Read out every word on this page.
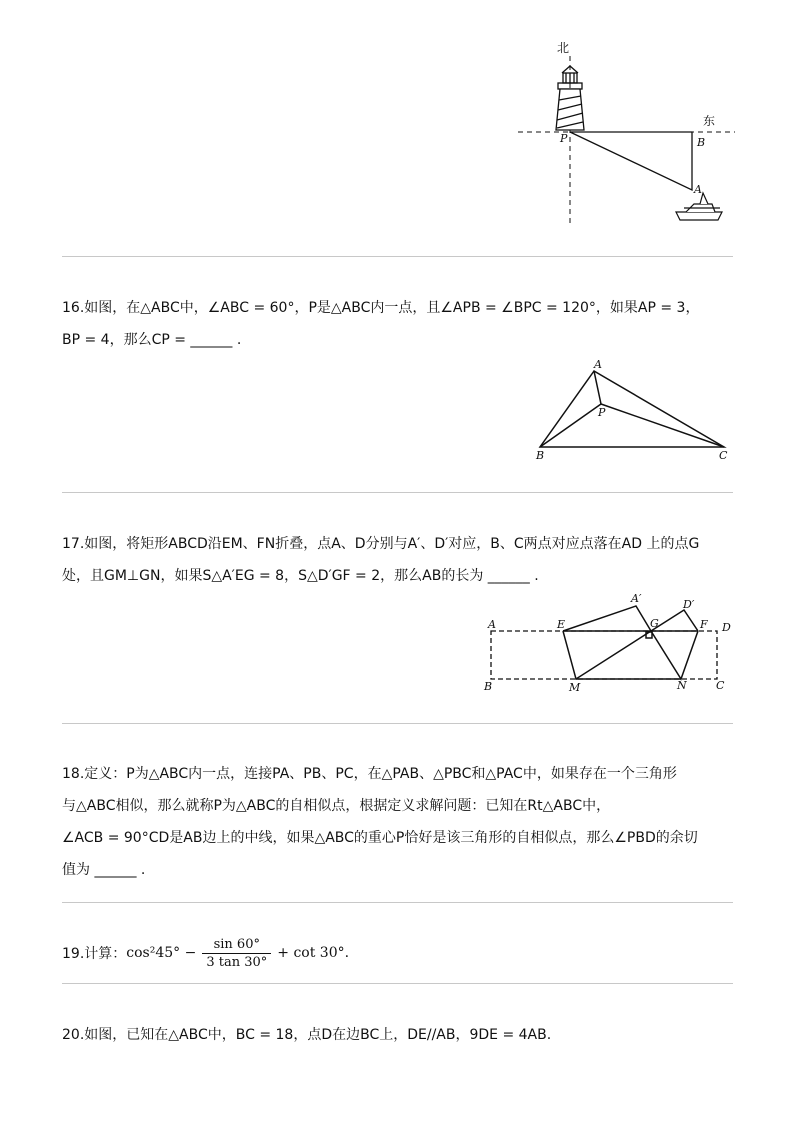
北
东
P	B
A
16.如图，在△ABC中，∠ABC = 60°，P是△ABC内一点，且∠APB = ∠BPC = 120°，如果AP = 3，
BP = 4，那么CP = ______ .
A
P
B	C
17.如图，将矩形ABCD沿EM、FN折叠，点A、D分别与A′、D′对应，B、C两点对应点落在AD 上的点G
处，且GM⊥GN，如果S△A′EG = 8，S△D′GF = 2，那么AB的长为 ______ .
A
B	C
D
E	F
G
M	N
A′	D′
18.定义：P为△ABC内一点，连接PA、PB、PC，在△PAB、△PBC和△PAC中，如果存在一个三角形
与△ABC相似，那么就称P为△ABC的自相似点，根据定义求解问题：已知在Rt△ABC中，
∠ACB = 90°CD是AB边上的中线，如果△ABC的重心P恰好是该三角形的自相似点，那么∠PBD的余切
值为 ______ .
19.计算： cos²45° −
sin 60°
3 tan 30°
+ cot 30°.
20.如图，已知在△ABC中，BC = 18，点D在边BC上，DE//AB，9DE = 4AB.
